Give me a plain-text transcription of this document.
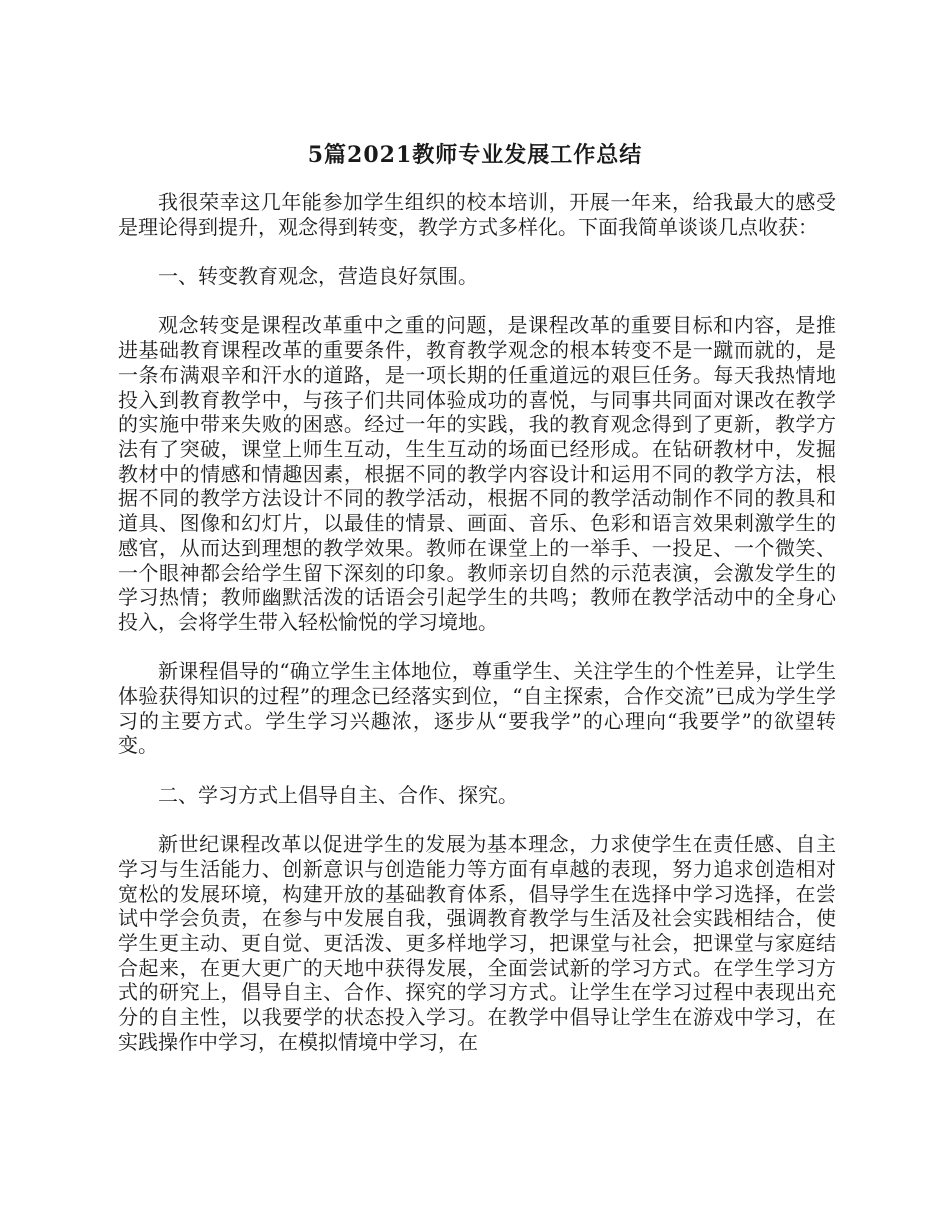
5篇2021教师专业发展工作总结

我很荣幸这几年能参加学生组织的校本培训，开展一年来，给我最大的感受是理论得到提升，观念得到转变，教学方式多样化。下面我简单谈谈几点收获：

一、转变教育观念，营造良好氛围。

观念转变是课程改革重中之重的问题，是课程改革的重要目标和内容，是推进基础教育课程改革的重要条件，教育教学观念的根本转变不是一蹴而就的，是一条布满艰辛和汗水的道路，是一项长期的任重道远的艰巨任务。每天我热情地投入到教育教学中，与孩子们共同体验成功的喜悦，与同事共同面对课改在教学的实施中带来失败的困惑。经过一年的实践，我的教育观念得到了更新，教学方法有了突破，课堂上师生互动，生生互动的场面已经形成。在钻研教材中，发掘教材中的情感和情趣因素，根据不同的教学内容设计和运用不同的教学方法，根据不同的教学方法设计不同的教学活动，根据不同的教学活动制作不同的教具和道具、图像和幻灯片，以最佳的情景、画面、音乐、色彩和语言效果刺激学生的感官，从而达到理想的教学效果。教师在课堂上的一举手、一投足、一个微笑、一个眼神都会给学生留下深刻的印象。教师亲切自然的示范表演，会激发学生的学习热情；教师幽默活泼的话语会引起学生的共鸣；教师在教学活动中的全身心投入，会将学生带入轻松愉悦的学习境地。

新课程倡导的“确立学生主体地位，尊重学生、关注学生的个性差异，让学生体验获得知识的过程”的理念已经落实到位，“自主探索，合作交流”已成为学生学习的主要方式。学生学习兴趣浓，逐步从“要我学”的心理向“我要学”的欲望转变。

二、学习方式上倡导自主、合作、探究。

新世纪课程改革以促进学生的发展为基本理念，力求使学生在责任感、自主学习与生活能力、创新意识与创造能力等方面有卓越的表现，努力追求创造相对宽松的发展环境，构建开放的基础教育体系，倡导学生在选择中学习选择，在尝试中学会负责，在参与中发展自我，强调教育教学与生活及社会实践相结合，使学生更主动、更自觉、更活泼、更多样地学习，把课堂与社会，把课堂与家庭结合起来，在更大更广的天地中获得发展，全面尝试新的学习方式。在学生学习方式的研究上，倡导自主、合作、探究的学习方式。让学生在学习过程中表现出充分的自主性，以我要学的状态投入学习。在教学中倡导让学生在游戏中学习，在实践操作中学习，在模拟情境中学习，在
